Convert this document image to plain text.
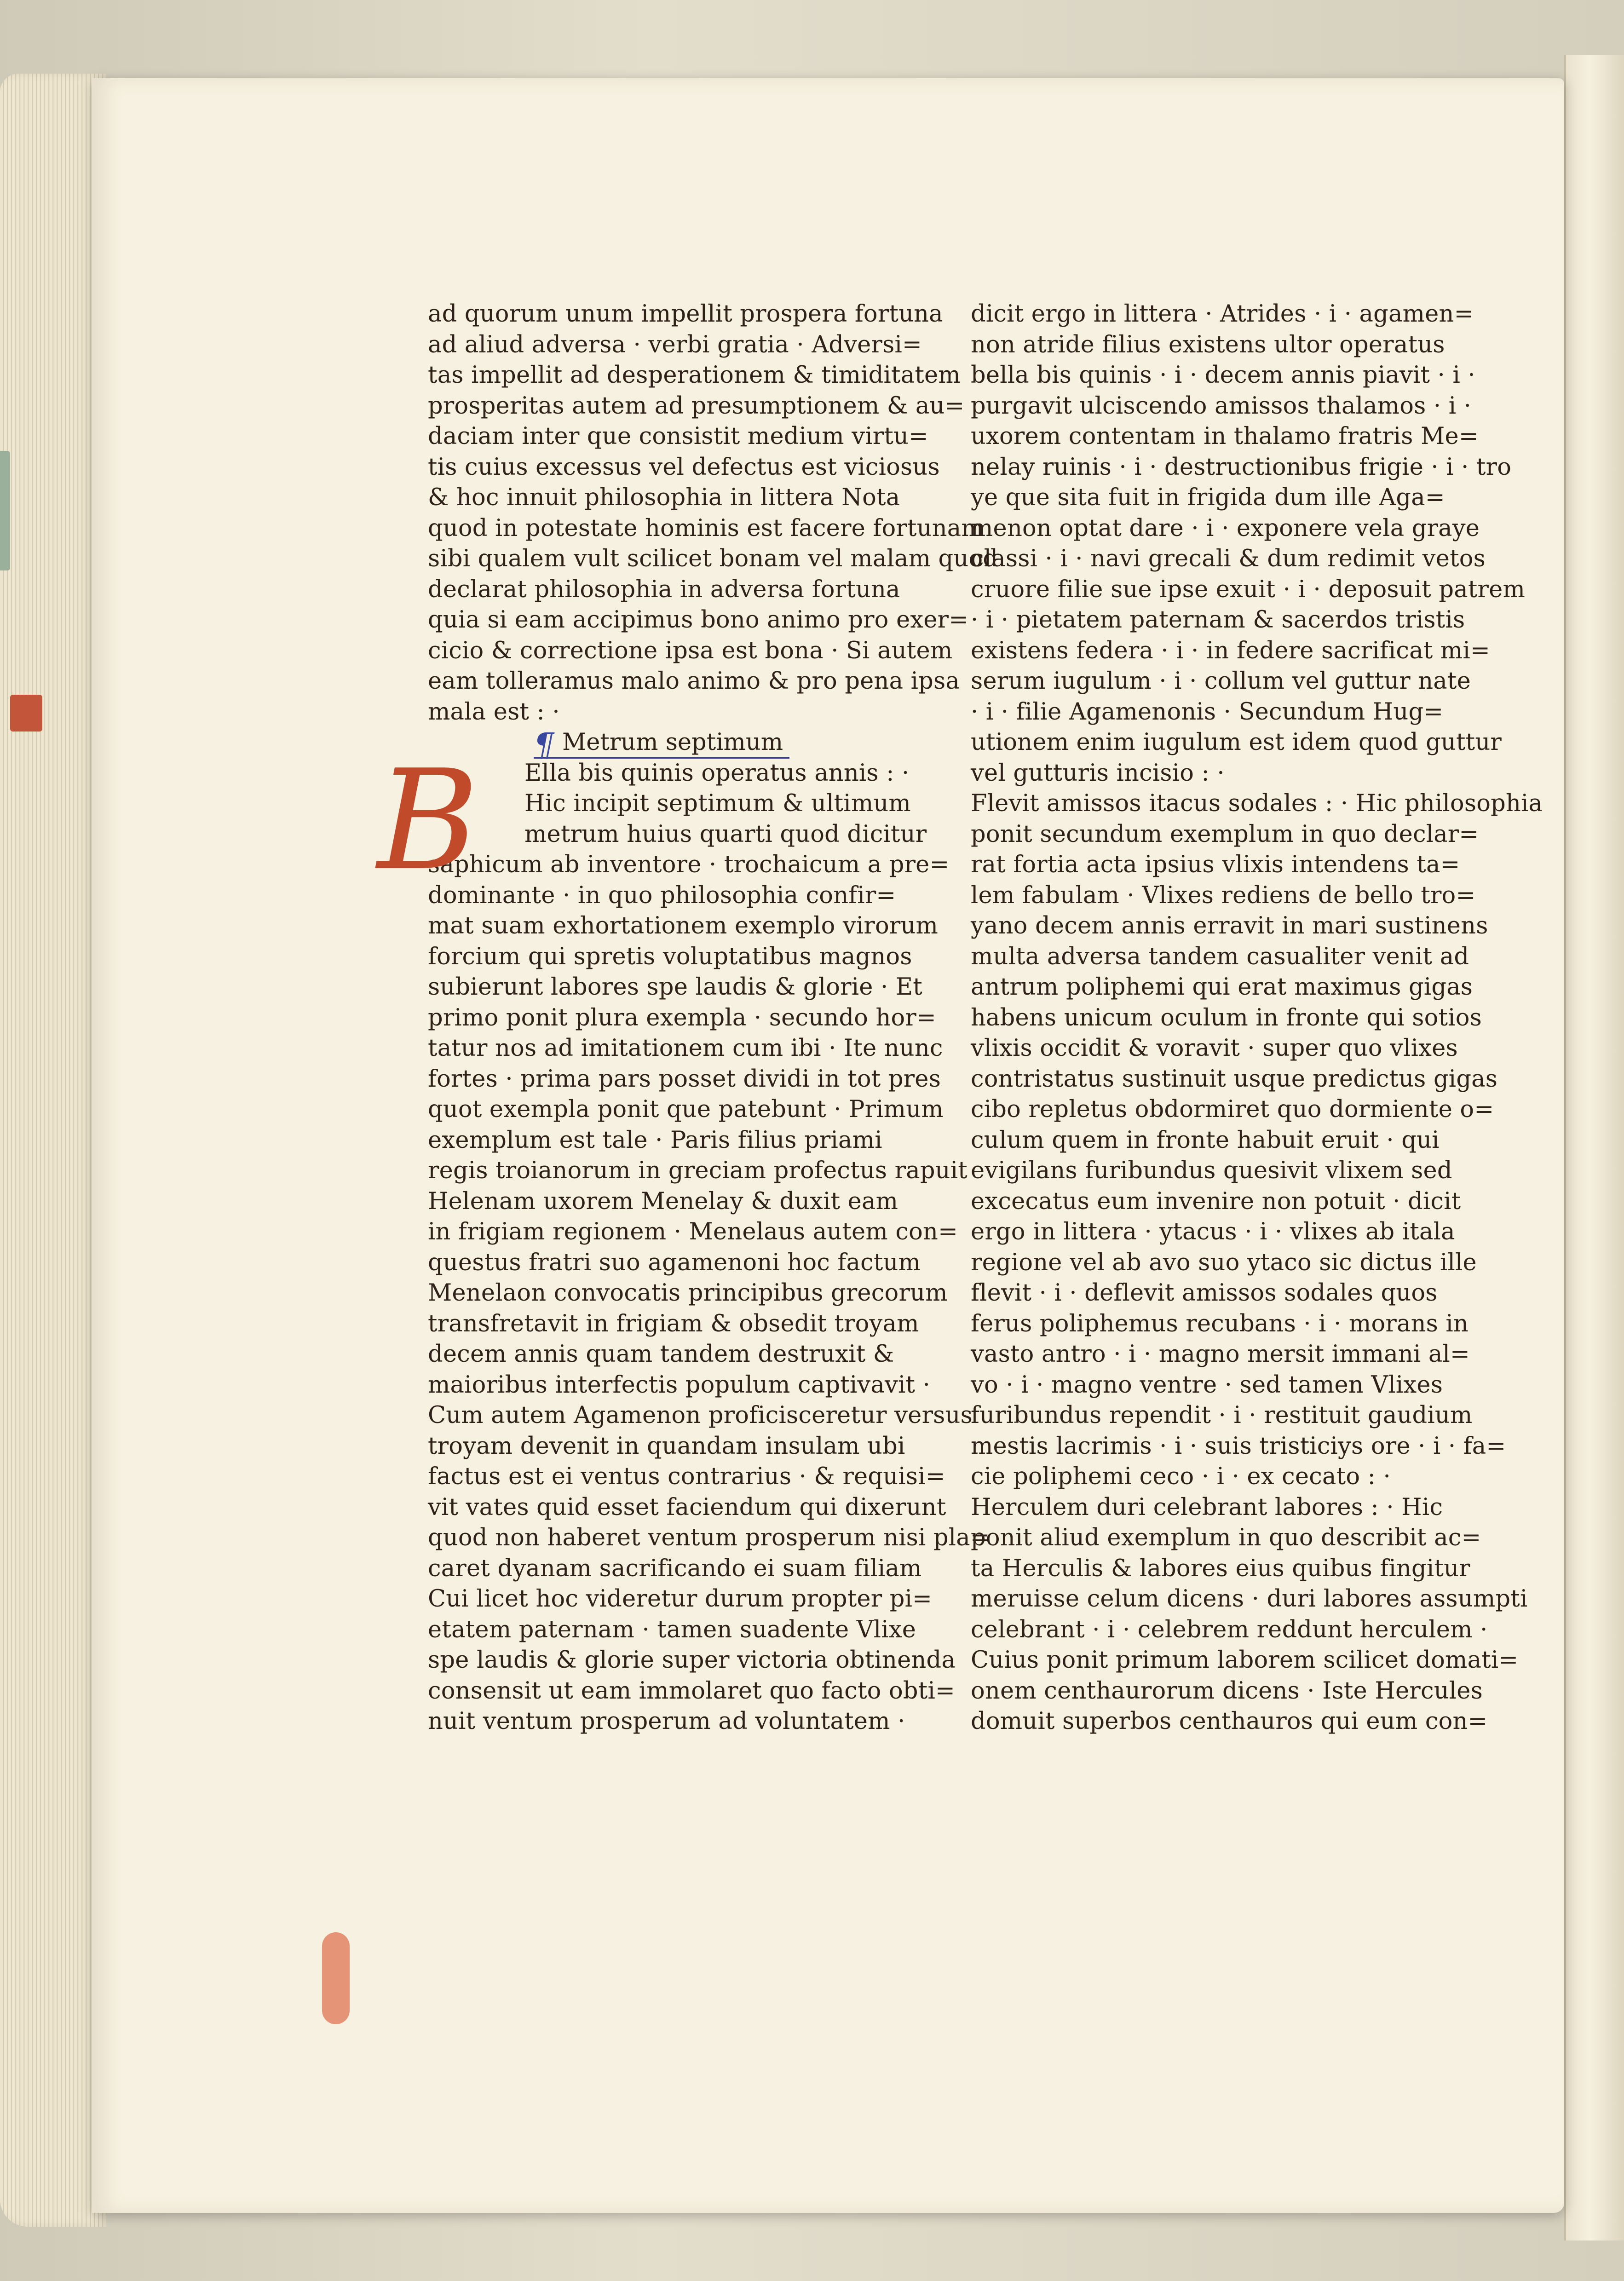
ad quorum unum impellit prospera fortuna
ad aliud adversa · verbi gratia · Adversi=
tas impellit ad desperationem & timiditatem
prosperitas autem ad presumptionem & au=
daciam inter que consistit medium virtu=
tis cuius excessus vel defectus est viciosus
& hoc innuit philosophia in littera Nota
quod in potestate hominis est facere fortunam
sibi qualem vult scilicet bonam vel malam quod
declarat philosophia in adversa fortuna
quia si eam accipimus bono animo pro exer=
cicio & correctione ipsa est bona · Si autem
eam tolleramus malo animo & pro pena ipsa
mala est : ·
¶ Metrum septimum
B	Ella bis quinis operatus annis : ·
Hic incipit septimum & ultimum
metrum huius quarti quod dicitur
saphicum ab inventore · trochaicum a pre=
dominante · in quo philosophia confir=
mat suam exhortationem exemplo virorum
forcium qui spretis voluptatibus magnos
subierunt labores spe laudis & glorie · Et
primo ponit plura exempla · secundo hor=
tatur nos ad imitationem cum ibi · Ite nunc
fortes · prima pars posset dividi in tot pres
quot exempla ponit que patebunt · Primum
exemplum est tale · Paris filius priami
regis troianorum in greciam profectus rapuit
Helenam uxorem Menelay & duxit eam
in frigiam regionem · Menelaus autem con=
questus fratri suo agamenoni hoc factum
Menelaon convocatis principibus grecorum
transfretavit in frigiam & obsedit troyam
decem annis quam tandem destruxit &
maioribus interfectis populum captivavit ·
Cum autem Agamenon proficisceretur versus
troyam devenit in quandam insulam ubi
factus est ei ventus contrarius · & requisi=
vit vates quid esset faciendum qui dixerunt
quod non haberet ventum prosperum nisi pla=
caret dyanam sacrificando ei suam filiam
Cui licet hoc videretur durum propter pi=
etatem paternam · tamen suadente Vlixe
spe laudis & glorie super victoria obtinenda
consensit ut eam immolaret quo facto obti=
nuit ventum prosperum ad voluntatem ·
dicit ergo in littera · Atrides · i · agamen=
non atride filius existens ultor operatus
bella bis quinis · i · decem annis piavit · i ·
purgavit ulciscendo amissos thalamos · i ·
uxorem contentam in thalamo fratris Me=
nelay ruinis · i · destructionibus frigie · i · tro
ye que sita fuit in frigida dum ille Aga=
menon optat dare · i · exponere vela graye
classi · i · navi grecali & dum redimit vetos
cruore filie sue ipse exuit · i · deposuit patrem
· i · pietatem paternam & sacerdos tristis
existens federa · i · in federe sacrificat mi=
serum iugulum · i · collum vel guttur nate
· i · filie Agamenonis · Secundum Hug=
utionem enim iugulum est idem quod guttur
vel gutturis incisio : ·
Flevit amissos itacus sodales : · Hic philosophia
ponit secundum exemplum in quo declar=
rat fortia acta ipsius vlixis intendens ta=
lem fabulam · Vlixes rediens de bello tro=
yano decem annis erravit in mari sustinens
multa adversa tandem casualiter venit ad
antrum poliphemi qui erat maximus gigas
habens unicum oculum in fronte qui sotios
vlixis occidit & voravit · super quo vlixes
contristatus sustinuit usque predictus gigas
cibo repletus obdormiret quo dormiente o=
culum quem in fronte habuit eruit · qui
evigilans furibundus quesivit vlixem sed
excecatus eum invenire non potuit · dicit
ergo in littera · ytacus · i · vlixes ab itala
regione vel ab avo suo ytaco sic dictus ille
flevit · i · deflevit amissos sodales quos
ferus poliphemus recubans · i · morans in
vasto antro · i · magno mersit immani al=
vo · i · magno ventre · sed tamen Vlixes
furibundus rependit · i · restituit gaudium
mestis lacrimis · i · suis tristiciys ore · i · fa=
cie poliphemi ceco · i · ex cecato : ·
Herculem duri celebrant labores : · Hic
ponit aliud exemplum in quo describit ac=
ta Herculis & labores eius quibus fingitur
meruisse celum dicens · duri labores assumpti
celebrant · i · celebrem reddunt herculem ·
Cuius ponit primum laborem scilicet domati=
onem centhaurorum dicens · Iste Hercules
domuit superbos centhauros qui eum con=
